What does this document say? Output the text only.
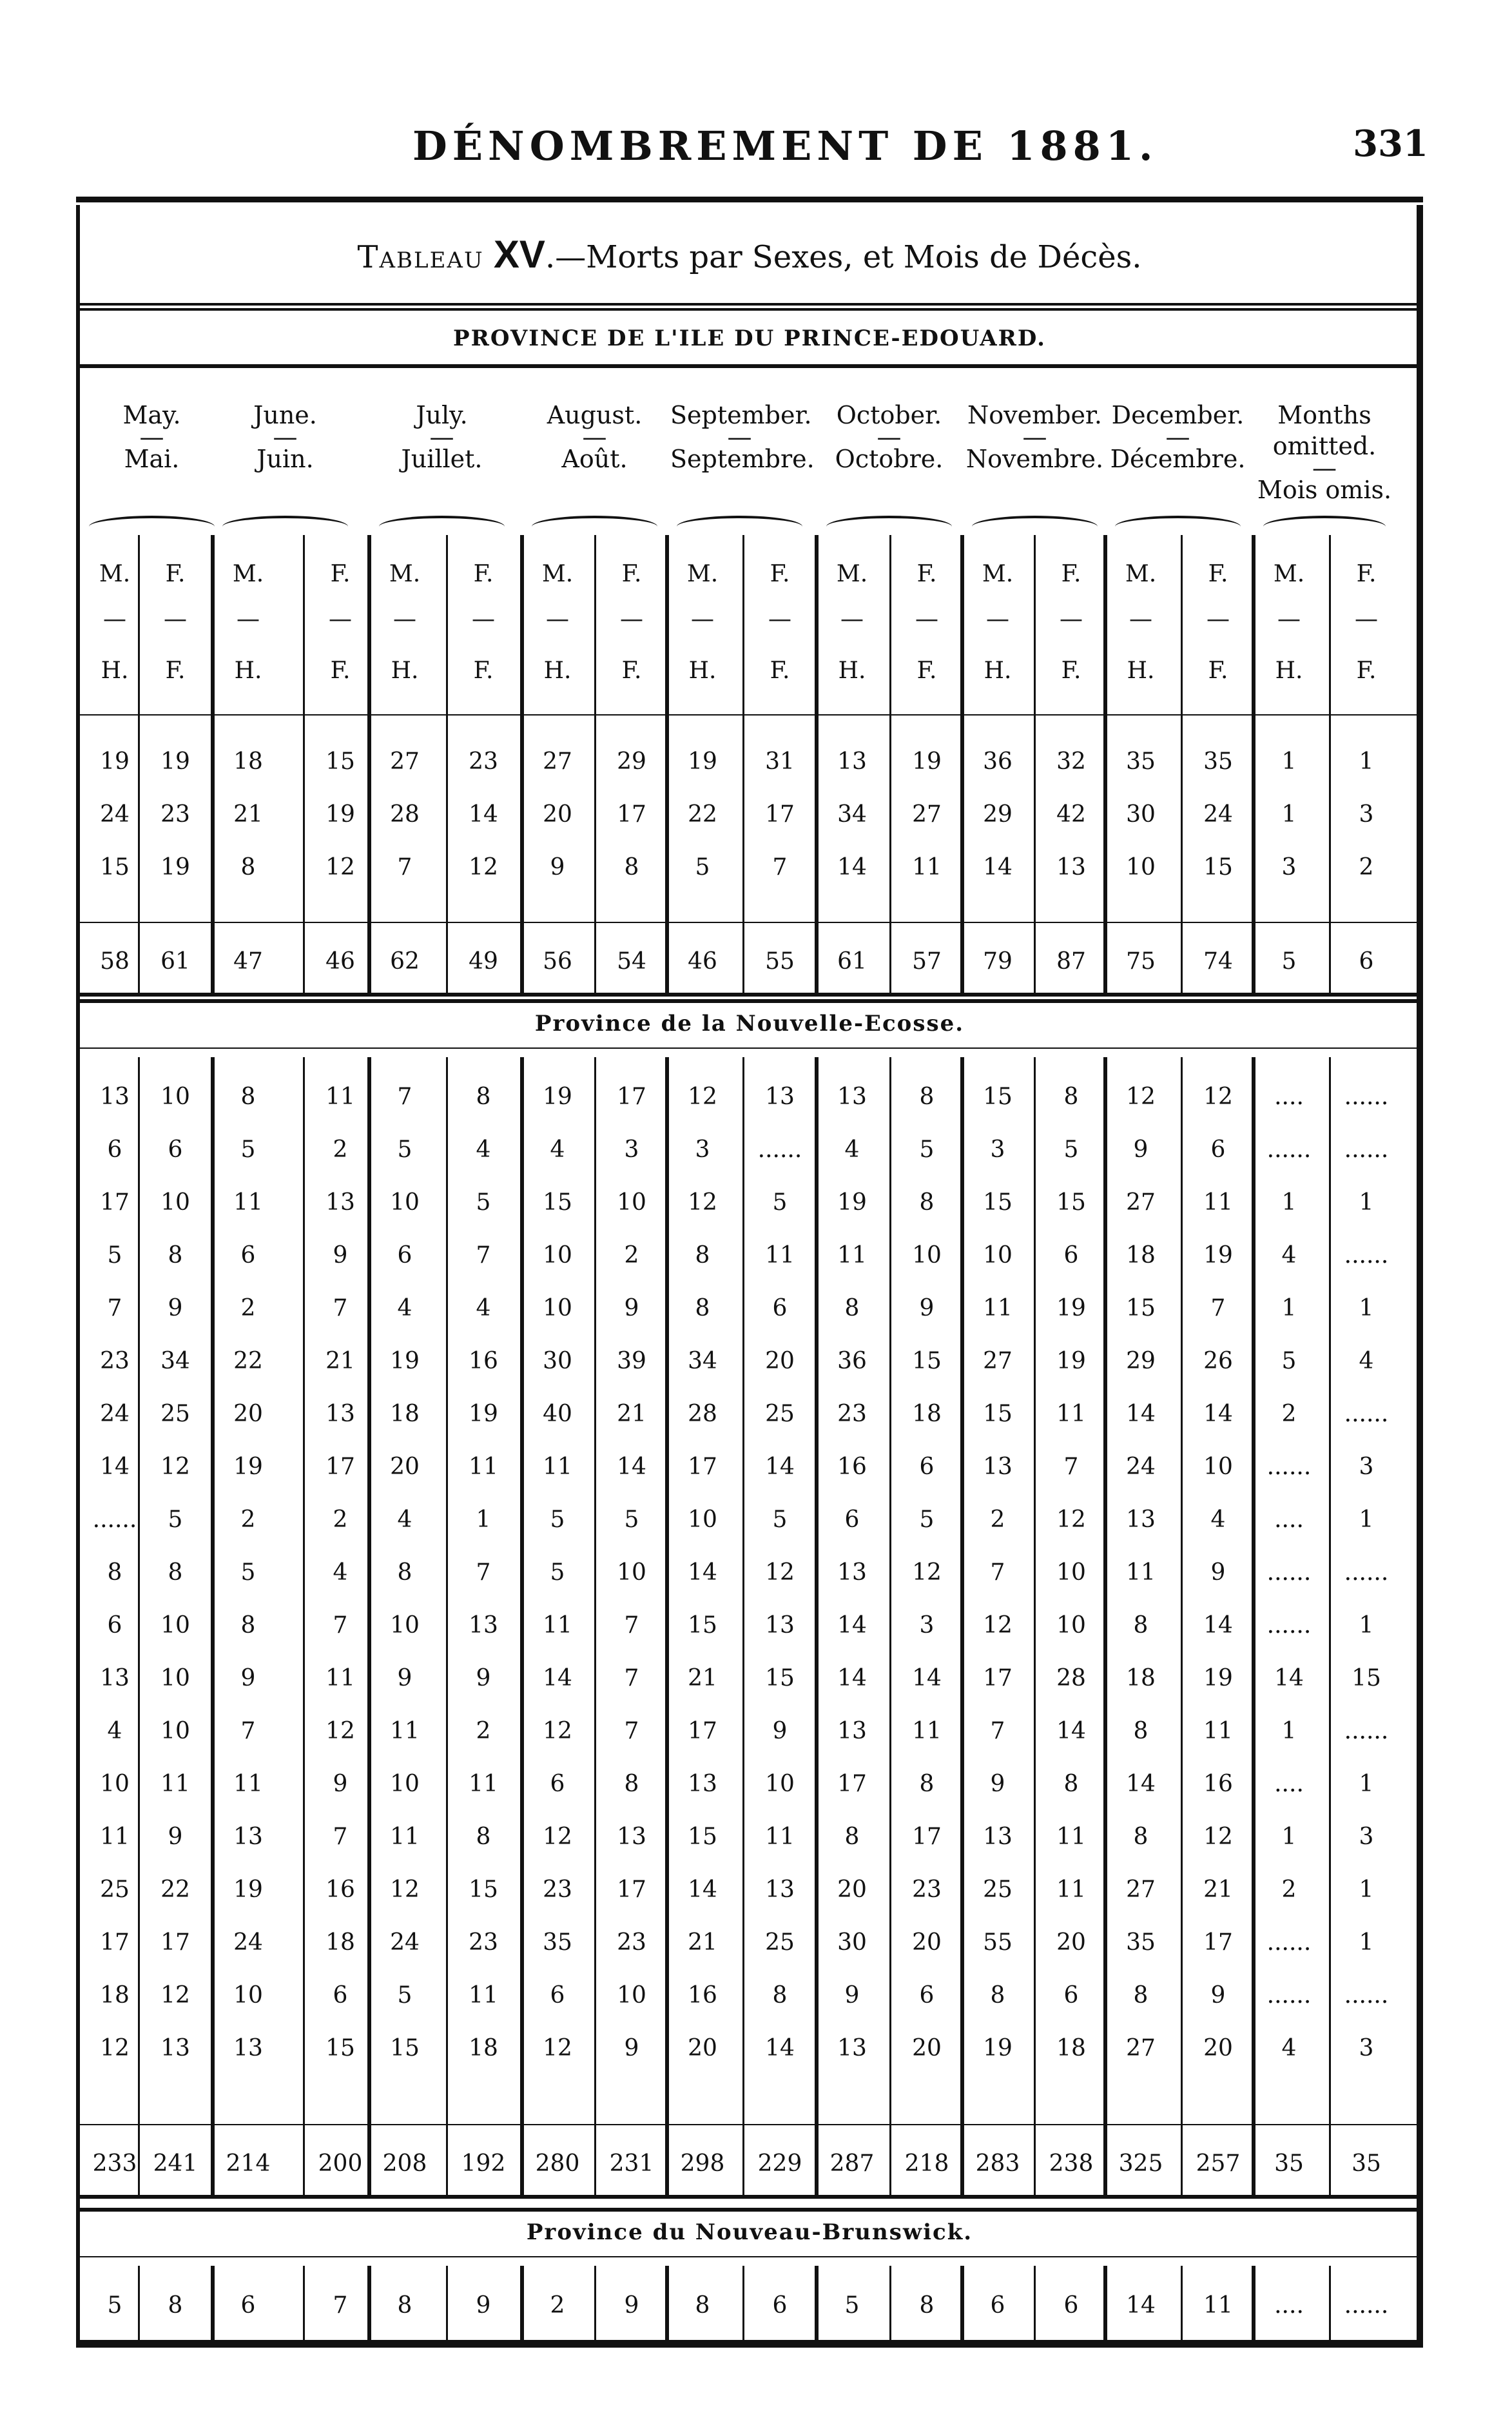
DÉNOMBREMENT DE 1881.	331
Tableau XV.—Morts par Sexes, et Mois de Décès.
PROVINCE DE L'ILE DU PRINCE-EDOUARD.
May.
—
Mai.
June.
—
Juin.
July.
—
Juillet.
August.
—
Août.
September.
—
Septembre.
October.
—
Octobre.
November.
—
Novembre.
December.
—
Décembre.
Months omitted.
—
Mois omis.
M.
—
H.
F.
—
F.
M.
—
H.
F.
—
F.
M.
—
H.
F.
—
F.
M.
—
H.
F.
—
F.
M.
—
H.
F.
—
F.
M.
—
H.
F.
—
F.
M.
—
H.
F.
—
F.
M.
—
H.
F.
—
F.
M.
—
H.
F.
—
F.
19	19	18	15	27	23	27	29	19	31	13	19	36	32	35	35	1	1
24	23	21	19	28	14	20	17	22	17	34	27	29	42	30	24	1	3
15	19	8	12	7	12	9	8	5	7	14	11	14	13	10	15	3	2
58	61	47	46	62	49	56	54	46	55	61	57	79	87	75	74	5	6
Province de la Nouvelle-Ecosse.
13	10	8	11	7	8	19	17	12	13	13	8	15	8	12	12	....	......
6	6	5	2	5	4	4	3	3	......	4	5	3	5	9	6	......	......
17	10	11	13	10	5	15	10	12	5	19	8	15	15	27	11	1	1
5	8	6	9	6	7	10	2	8	11	11	10	10	6	18	19	4	......
7	9	2	7	4	4	10	9	8	6	8	9	11	19	15	7	1	1
23	34	22	21	19	16	30	39	34	20	36	15	27	19	29	26	5	4
24	25	20	13	18	19	40	21	28	25	23	18	15	11	14	14	2	......
14	12	19	17	20	11	11	14	17	14	16	6	13	7	24	10	......	3
......	5	2	2	4	1	5	5	10	5	6	5	2	12	13	4	....	1
8	8	5	4	8	7	5	10	14	12	13	12	7	10	11	9	......	......
6	10	8	7	10	13	11	7	15	13	14	3	12	10	8	14	......	1
13	10	9	11	9	9	14	7	21	15	14	14	17	28	18	19	14	15
4	10	7	12	11	2	12	7	17	9	13	11	7	14	8	11	1	......
10	11	11	9	10	11	6	8	13	10	17	8	9	8	14	16	....	1
11	9	13	7	11	8	12	13	15	11	8	17	13	11	8	12	1	3
25	22	19	16	12	15	23	17	14	13	20	23	25	11	27	21	2	1
17	17	24	18	24	23	35	23	21	25	30	20	55	20	35	17	......	1
18	12	10	6	5	11	6	10	16	8	9	6	8	6	8	9	......	......
12	13	13	15	15	18	12	9	20	14	13	20	19	18	27	20	4	3
233 241	214	200 208	192	280	231	298	229	287	218	283	238	325	257	35	35
Province du Nouveau-Brunswick.
5	8	6	7	8	9	2	9	8	6	5	8	6	6	14	11	....	......
